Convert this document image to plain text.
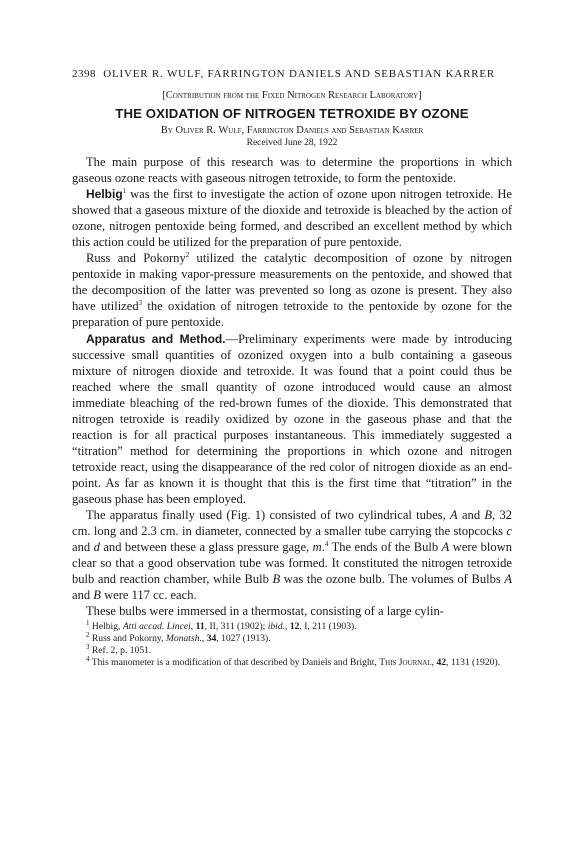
2398 OLIVER R. WULF, FARRINGTON DANIELS AND SEBASTIAN KARRER
[Contribution from the Fixed Nitrogen Research Laboratory]
THE OXIDATION OF NITROGEN TETROXIDE BY OZONE
By Oliver R. Wulf, Farrington Daniels and Sebastian Karrer
Received June 28, 1922

The main purpose of this research was to determine the proportions in which gaseous ozone reacts with gaseous nitrogen tetroxide, to form the pentoxide.

Helbig$^1$ was the first to investigate the action of ozone upon nitrogen tetroxide. He showed that a gaseous mixture of the dioxide and tetroxide is bleached by the action of ozone, nitrogen pentoxide being formed, and described an excellent method by which this action could be utilized for the preparation of pure pentoxide.

Russ and Pokorny$^2$ utilized the catalytic decomposition of ozone by nitrogen pentoxide in making vapor-pressure measurements on the pentoxide, and showed that the decomposition of the latter was prevented so long as ozone is present. They also have utilized$^3$ the oxidation of nitrogen tetroxide to the pentoxide by ozone for the preparation of pure pentoxide.

Apparatus and Method.—Preliminary experiments were made by introducing successive small quantities of ozonized oxygen into a bulb containing a gaseous mixture of nitrogen dioxide and tetroxide. It was found that a point could thus be reached where the small quantity of ozone introduced would cause an almost immediate bleaching of the red-brown fumes of the dioxide. This demonstrated that nitrogen tetroxide is readily oxidized by ozone in the gaseous phase and that the reaction is for all practical purposes instantaneous. This immediately suggested a “titration” method for determining the proportions in which ozone and nitrogen tetroxide react, using the disappearance of the red color of nitrogen dioxide as an end-point. As far as known it is thought that this is the first time that “titration” in the gaseous phase has been employed.

The apparatus finally used (Fig. 1) consisted of two cylindrical tubes, A and B, 32 cm. long and 2.3 cm. in diameter, connected by a smaller tube carrying the stopcocks c and d and between these a glass pressure gage, m.$^4$ The ends of the Bulb A were blown clear so that a good observation tube was formed. It constituted the nitrogen tetroxide bulb and reaction chamber, while Bulb B was the ozone bulb. The volumes of Bulbs A and B were 117 cc. each.

These bulbs were immersed in a thermostat, consisting of a large cylin-

$^1$ Helbig, Atti accad. Lincei, 11, II, 311 (1902); ibid., 12, I, 211 (1903).
$^2$ Russ and Pokorny, Monatsh., 34, 1027 (1913).
$^3$ Ref. 2, p. 1051.
$^4$ This manometer is a modification of that described by Daniels and Bright, This Journal, 42, 1131 (1920).
